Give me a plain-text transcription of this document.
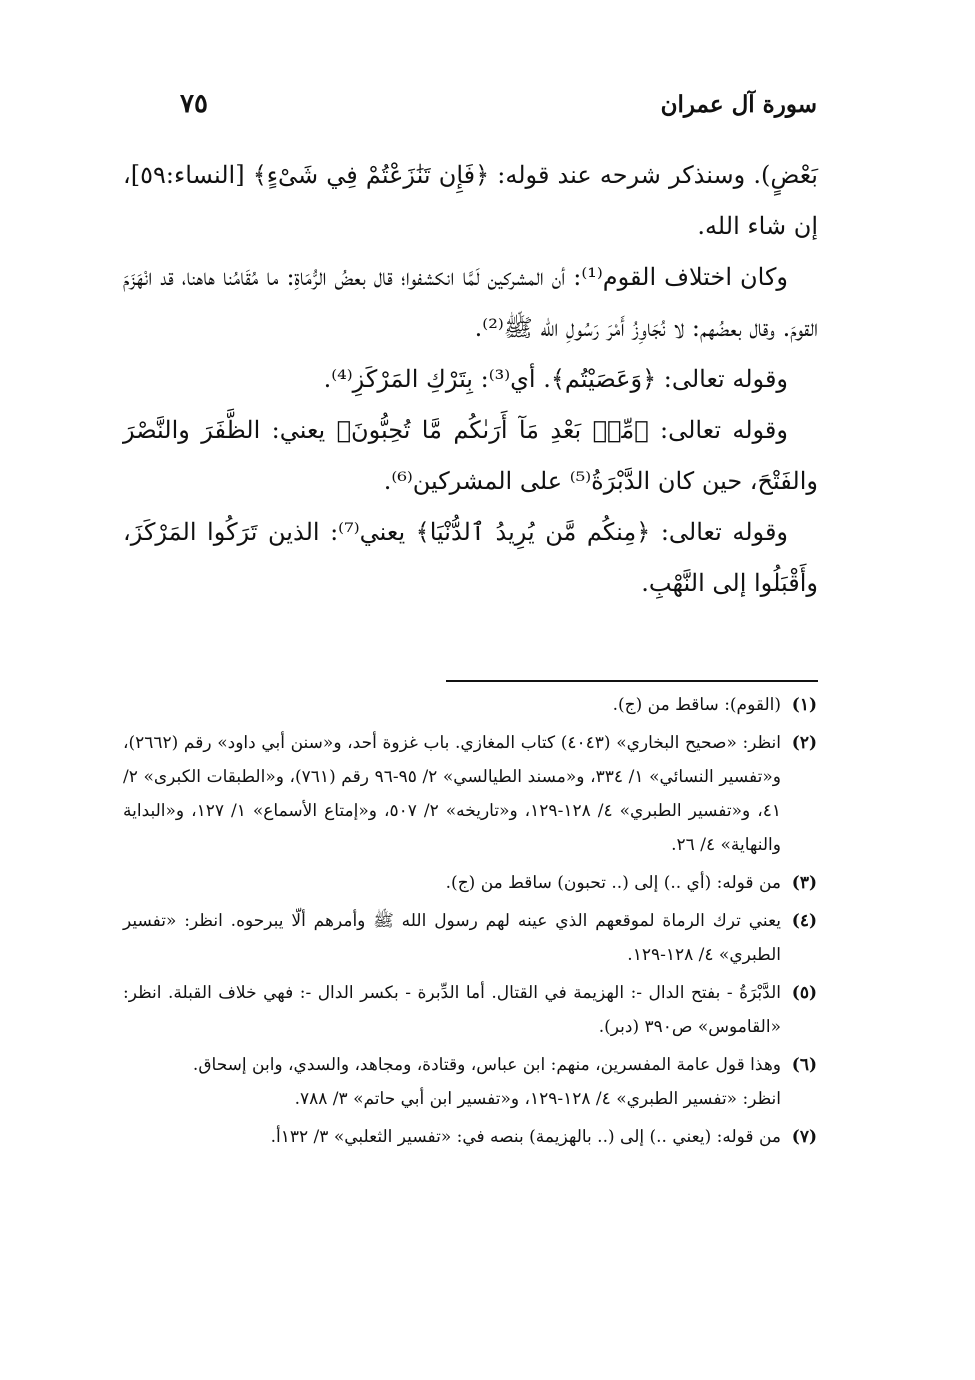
سورة آل عمران
٧٥

بَعْضٍ). وسنذكر شرحه عند قوله: ﴿فَإِن تَنَٰزَعْتُمْ فِي شَىْءٍ﴾ [النساء:٥٩]، إن شاء الله.

وكان اختلاف القوم⁽¹⁾: أن المشركين لَمَّا انكشفوا؛ قال بعضُ الرُّمَاةِ: ما مُقَامُنا هاهنا، قد انْهَزَمَ القومَ. وقال بعضُهم: لا نُجَاوِزُ أَمْرَ رَسُولِ الله ﷺ⁽²⁾.

وقوله تعالى: ﴿وَعَصَيْتُم﴾. أي⁽³⁾: بِتَرْكِ المَرْكَزِ⁽⁴⁾.

وقوله تعالى: ﴿مِّنۢ بَعْدِ مَآ أَرَىٰكُم مَّا تُحِبُّونَ﴾ يعني: الظَّفَرَ والنَّصْرَ والفَتْحَ، حين كان الدَّبْرَةُ⁽⁵⁾ على المشركين⁽⁶⁾.

وقوله تعالى: ﴿مِنكُم مَّن يُرِيدُ ٱلدُّنْيَا﴾ يعني⁽⁷⁾: الذين تَرَكُوا المَرْكَزَ، وأَقْبَلُوا إلى النَّهْبِ.

(١)
(القوم): ساقط من (ج).
(٢)
انظر: «صحيح البخاري» (٤٠٤٣) كتاب المغازي. باب غزوة أحد، و«سنن أبي داود» رقم (٢٦٦٢)، و«تفسير النسائي» ١/ ٣٣٤، و«مسند الطيالسي» ٢/ ٩٥-٩٦ رقم (٧٦١)، و«الطبقات الكبرى» ٢/ ٤١، و«تفسير الطبري» ٤/ ١٢٨-١٢٩، و«تاريخه» ٢/ ٥٠٧، و«إمتاع الأسماع» ١/ ١٢٧، و«البداية والنهاية» ٤/ ٢٦.
(٣)
من قوله: (أي ..) إلى (.. تحبون) ساقط من (ج).
(٤)
يعني ترك الرماة لموقعهم الذي عينه لهم رسول الله ﷺ وأمرهم ألّا يبرحوه. انظر: «تفسير الطبري» ٤/ ١٢٨-١٢٩.
(٥)
الدَّبْرَةُ - بفتح الدال -: الهزيمة في القتال. أما الدِّبرة - بكسر الدال -: فهي خلاف القبلة. انظر: «القاموس» ص٣٩٠ (دبر).
(٦)
وهذا قول عامة المفسرين، منهم: ابن عباس، وقتادة، ومجاهد، والسدي، وابن إسحاق.
انظر: «تفسير الطبري» ٤/ ١٢٨-١٢٩، و«تفسير ابن أبي حاتم» ٣/ ٧٨٨.
(٧)
من قوله: (يعني ..) إلى (.. بالهزيمة) بنصه في: «تفسير الثعلبي» ٣/ ١٣٢أ.
